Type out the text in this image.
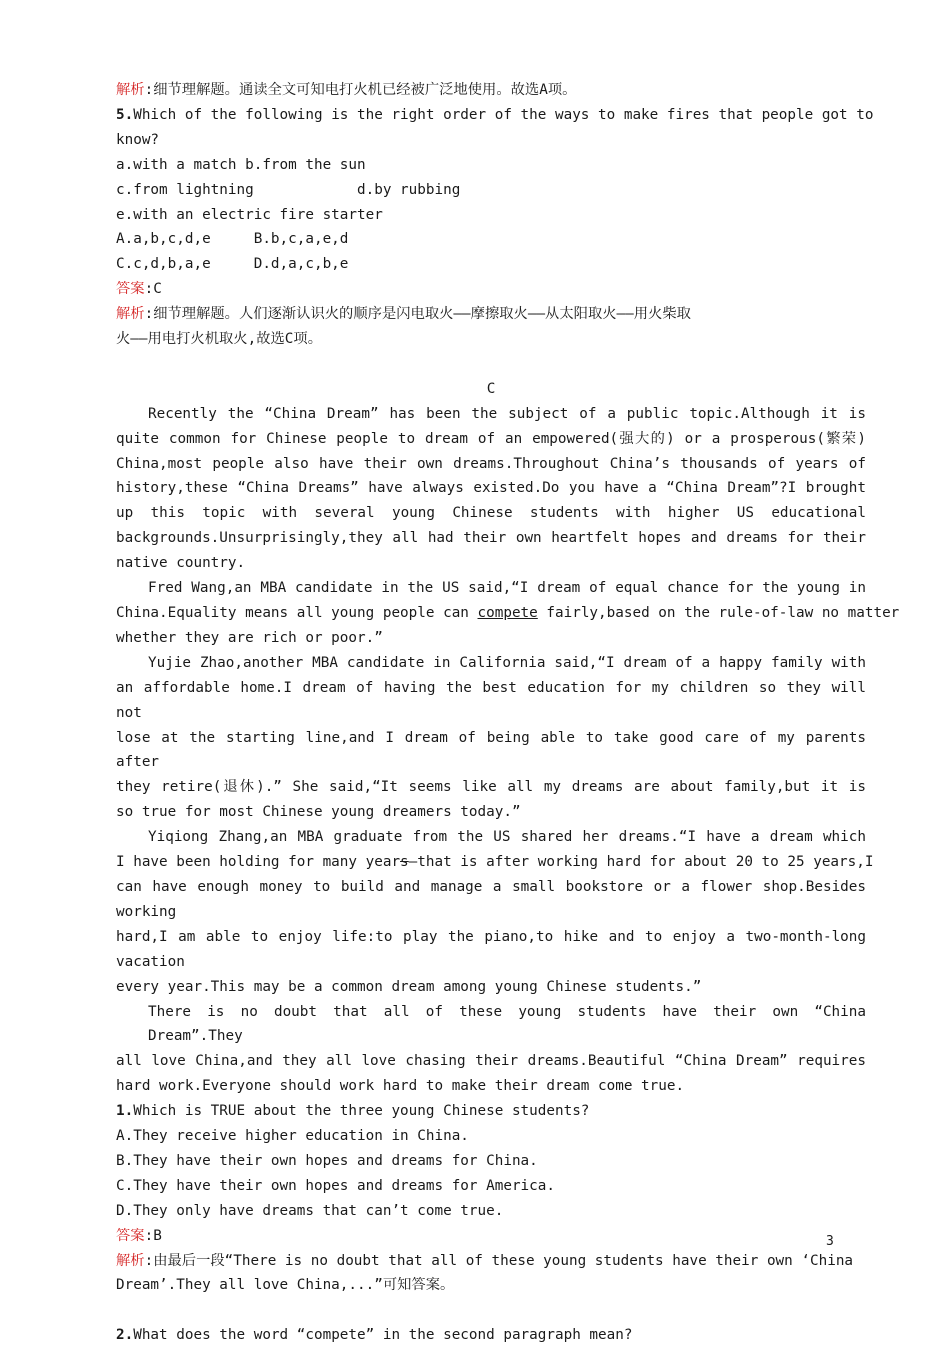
解析:细节理解题。通读全文可知电打火机已经被广泛地使用。故选A项。
5.Which of the following is the right order of the ways to make fires that people got to
know?
a.with a match b.from the sun
c.from lightning            d.by rubbing
e.with an electric fire starter
A.a,b,c,d,e     B.b,c,a,e,d
C.c,d,b,a,e     D.d,a,c,b,e
答案:C
解析:细节理解题。人们逐渐认识火的顺序是闪电取火——摩擦取火——从太阳取火——用火柴取
火——用电打火机取火,故选C项。
C
Recently the “China Dream” has been the subject of a public topic.Although it is
quite common for Chinese people to dream of an empowered(强大的) or a prosperous(繁荣)
China,most people also have their own dreams.Throughout China’s thousands of years of
history,these “China Dreams” have always existed.Do you have a “China Dream”?I brought
up this topic with several young Chinese students with higher US educational
backgrounds.Unsurprisingly,they all had their own heartfelt hopes and dreams for their
native country.
Fred Wang,an MBA candidate in the US said,“I dream of equal chance for the young in
China.Equality means all young people can compete fairly,based on the rule-of-law no matter
whether they are rich or poor.”
Yujie Zhao,another MBA candidate in California said,“I dream of a happy family with
an affordable home.I dream of having the best education for my children so they will not
lose at the starting line,and I dream of being able to take good care of my parents after
they retire(退休).” She said,“It seems like all my dreams are about family,but it is
so true for most Chinese young dreamers today.”
Yiqiong Zhang,an MBA graduate from the US shared her dreams.“I have a dream which
I have been holding for many years—that is after working hard for about 20 to 25 years,I
can have enough money to build and manage a small bookstore or a flower shop.Besides working
hard,I am able to enjoy life:to play the piano,to hike and to enjoy a two-month-long vacation
every year.This may be a common dream among young Chinese students.”
There is no doubt that all of these young students have their own “China Dream”.They
all love China,and they all love chasing their dreams.Beautiful “China Dream” requires
hard work.Everyone should work hard to make their dream come true.
1.Which is TRUE about the three young Chinese students?
A.They receive higher education in China.
B.They have their own hopes and dreams for China.
C.They have their own hopes and dreams for America.
D.They only have dreams that can’t come true.
答案:B
解析:由最后一段“There is no doubt that all of these young students have their own ‘China
Dream’.They all love China,...”可知答案。
2.What does the word “compete” in the second paragraph mean?
3
